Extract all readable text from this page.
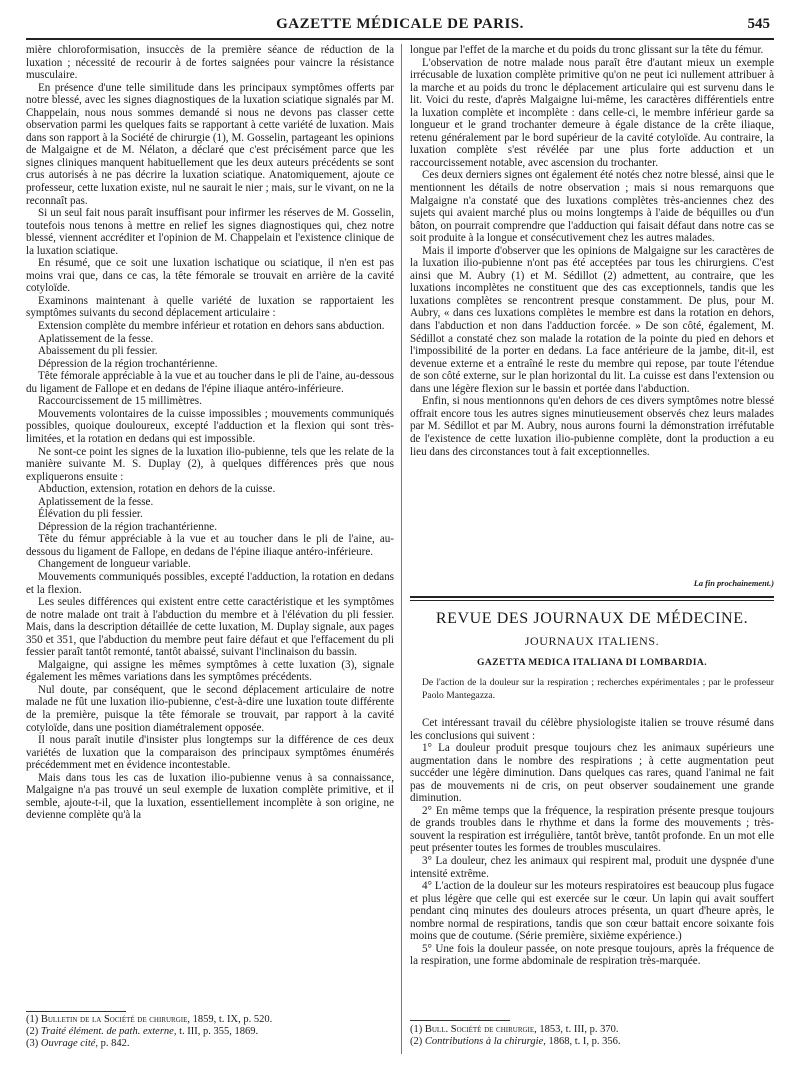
GAZETTE MÉDICALE DE PARIS.	545

mière chloroformisation, insuccès de la première séance de réduction de la luxation ; nécessité de recourir à de fortes saignées pour vaincre la résistance musculaire.

En présence d'une telle similitude dans les principaux symptômes offerts par notre blessé, avec les signes diagnostiques de la luxation sciatique signalés par M. Chappelain, nous nous sommes demandé si nous ne devons pas classer cette observation parmi les quelques faits se rapportant à cette variété de luxation. Mais dans son rapport à la Société de chirurgie (1), M. Gosselin, partageant les opinions de Malgaigne et de M. Nélaton, a déclaré que c'est précisément parce que les signes cliniques manquent habituellement que les deux auteurs précédents se sont crus autorisés à ne pas décrire la luxation sciatique. Anatomiquement, ajoute ce professeur, cette luxation existe, nul ne saurait le nier ; mais, sur le vivant, on ne la reconnaît pas.

Si un seul fait nous paraît insuffisant pour infirmer les réserves de M. Gosselin, toutefois nous tenons à mettre en relief les signes diagnostiques qui, chez notre blessé, viennent accréditer et l'opinion de M. Chappelain et l'existence clinique de la luxation sciatique.

En résumé, que ce soit une luxation ischatique ou sciatique, il n'en est pas moins vrai que, dans ce cas, la tête fémorale se trouvait en arrière de la cavité cotyloïde.

Examinons maintenant à quelle variété de luxation se rapportaient les symptômes suivants du second déplacement articulaire :

Extension complète du membre inférieur et rotation en dehors sans abduction.

Aplatissement de la fesse.

Abaissement du pli fessier.

Dépression de la région trochantérienne.

Tête fémorale appréciable à la vue et au toucher dans le pli de l'aine, au-dessous du ligament de Fallope et en dedans de l'épine iliaque antéro-inférieure.

Raccourcissement de 15 millimètres.

Mouvements volontaires de la cuisse impossibles ; mouvements communiqués possibles, quoique douloureux, excepté l'adduction et la flexion qui sont très-limitées, et la rotation en dedans qui est impossible.

Ne sont-ce point les signes de la luxation ilio-pubienne, tels que les relate de la manière suivante M. S. Duplay (2), à quelques différences près que nous expliquerons ensuite :

Abduction, extension, rotation en dehors de la cuisse.

Aplatissement de la fesse.

Élévation du pli fessier.

Dépression de la région trachantérienne.

Tête du fémur appréciable à la vue et au toucher dans le pli de l'aine, au-dessous du ligament de Fallope, en dedans de l'épine iliaque antéro-inférieure.

Changement de longueur variable.

Mouvements communiqués possibles, excepté l'adduction, la rotation en dedans et la flexion.

Les seules différences qui existent entre cette caractéristique et les symptômes de notre malade ont trait à l'abduction du membre et à l'élévation du pli fessier. Mais, dans la description détaillée de cette luxation, M. Duplay signale, aux pages 350 et 351, que l'abduction du membre peut faire défaut et que l'effacement du pli fessier paraît tantôt remonté, tantôt abaissé, suivant l'inclinaison du bassin.

Malgaigne, qui assigne les mêmes symptômes à cette luxation (3), signale également les mêmes variations dans les symptômes précédents.

Nul doute, par conséquent, que le second déplacement articulaire de notre malade ne fût une luxation ilio-pubienne, c'est-à-dire une luxation toute différente de la première, puisque la tête fémorale se trouvait, par rapport à la cavité cotyloïde, dans une position diamétralement opposée.

Il nous paraît inutile d'insister plus longtemps sur la différence de ces deux variétés de luxation que la comparaison des principaux symptômes énumérés précédemment met en évidence incontestable.

Mais dans tous les cas de luxation ilio-pubienne venus à sa connaissance, Malgaigne n'a pas trouvé un seul exemple de luxation complète primitive, et il semble, ajoute-t-il, que la luxation, essentiellement incomplète à son origine, ne devienne complète qu'à la

longue par l'effet de la marche et du poids du tronc glissant sur la tête du fémur.

L'observation de notre malade nous paraît être d'autant mieux un exemple irrécusable de luxation complète primitive qu'on ne peut ici nullement attribuer à la marche et au poids du tronc le déplacement articulaire qui est survenu dans le lit. Voici du reste, d'après Malgaigne lui-même, les caractères différentiels entre la luxation complète et incomplète : dans celle-ci, le membre inférieur garde sa longueur et le grand trochanter demeure à égale distance de la crête iliaque, retenu généralement par le bord supérieur de la cavité cotyloïde. Au contraire, la luxation complète s'est révélée par une plus forte adduction et un raccourcissement notable, avec ascension du trochanter.

Ces deux derniers signes ont également été notés chez notre blessé, ainsi que le mentionnent les détails de notre observation ; mais si nous remarquons que Malgaigne n'a constaté que des luxations complètes très-anciennes chez des sujets qui avaient marché plus ou moins longtemps à l'aide de béquilles ou d'un bâton, on pourrait comprendre que l'adduction qui faisait défaut dans notre cas se soit produite à la longue et consécutivement chez les autres malades.

Mais il importe d'observer que les opinions de Malgaigne sur les caractères de la luxation ilio-pubienne n'ont pas été acceptées par tous les chirurgiens. C'est ainsi que M. Aubry (1) et M. Sédillot (2) admettent, au contraire, que les luxations incomplètes ne constituent que des cas exceptionnels, tandis que les luxations complètes se rencontrent presque constamment. De plus, pour M. Aubry, « dans ces luxations complètes le membre est dans la rotation en dehors, dans l'abduction et non dans l'adduction forcée. » De son côté, également, M. Sédillot a constaté chez son malade la rotation de la pointe du pied en dehors et l'impossibilité de la porter en dedans. La face antérieure de la jambe, dit-il, est devenue externe et a entraîné le reste du membre qui repose, par toute l'étendue de son côté externe, sur le plan horizontal du lit. La cuisse est dans l'extension ou dans une légère flexion sur le bassin et portée dans l'abduction.

Enfin, si nous mentionnons qu'en dehors de ces divers symptômes notre blessé offrait encore tous les autres signes minutieusement observés chez leurs malades par M. Sédillot et par M. Aubry, nous aurons fourni la démonstration irréfutable de l'existence de cette luxation ilio-pubienne complète, dont la production a eu lieu dans des circonstances tout à fait exceptionnelles.

La fin prochainement.)
REVUE DES JOURNAUX DE MÉDECINE.
JOURNAUX ITALIENS.
GAZETTA MEDICA ITALIANA DI LOMBARDIA.
De l'action de la douleur sur la respiration ; recherches expérimentales ; par le professeur Paolo Mantegazza.

Cet intéressant travail du célèbre physiologiste italien se trouve résumé dans les conclusions qui suivent :

1° La douleur produit presque toujours chez les animaux supérieurs une augmentation dans le nombre des respirations ; à cette augmentation peut succéder une légère diminution. Dans quelques cas rares, quand l'animal ne fait pas de mouvements ni de cris, on peut observer soudainement une grande diminution.

2° En même temps que la fréquence, la respiration présente presque toujours de grands troubles dans le rhythme et dans la forme des mouvements ; très-souvent la respiration est irrégulière, tantôt brève, tantôt profonde. En un mot elle peut présenter toutes les formes de troubles musculaires.

3° La douleur, chez les animaux qui respirent mal, produit une dyspnée d'une intensité extrême.

4° L'action de la douleur sur les moteurs respiratoires est beaucoup plus fugace et plus légère que celle qui est exercée sur le cœur. Un lapin qui avait souffert pendant cinq minutes des douleurs atroces présenta, un quart d'heure après, le nombre normal de respirations, tandis que son cœur battait encore soixante fois moins que de coutume. (Série première, sixième expérience.)

5° Une fois la douleur passée, on note presque toujours, après la fréquence de la respiration, une forme abdominale de respiration très-marquée.

(1) Bulletin de la Société de chirurgie, 1859, t. IX, p. 520.

(2) Traité élément. de path. externe, t. III, p. 355, 1869.

(3) Ouvrage cité, p. 842.

(1) Bull. Société de chirurgie, 1853, t. III, p. 370.

(2) Contributions à la chirurgie, 1868, t. I, p. 356.
